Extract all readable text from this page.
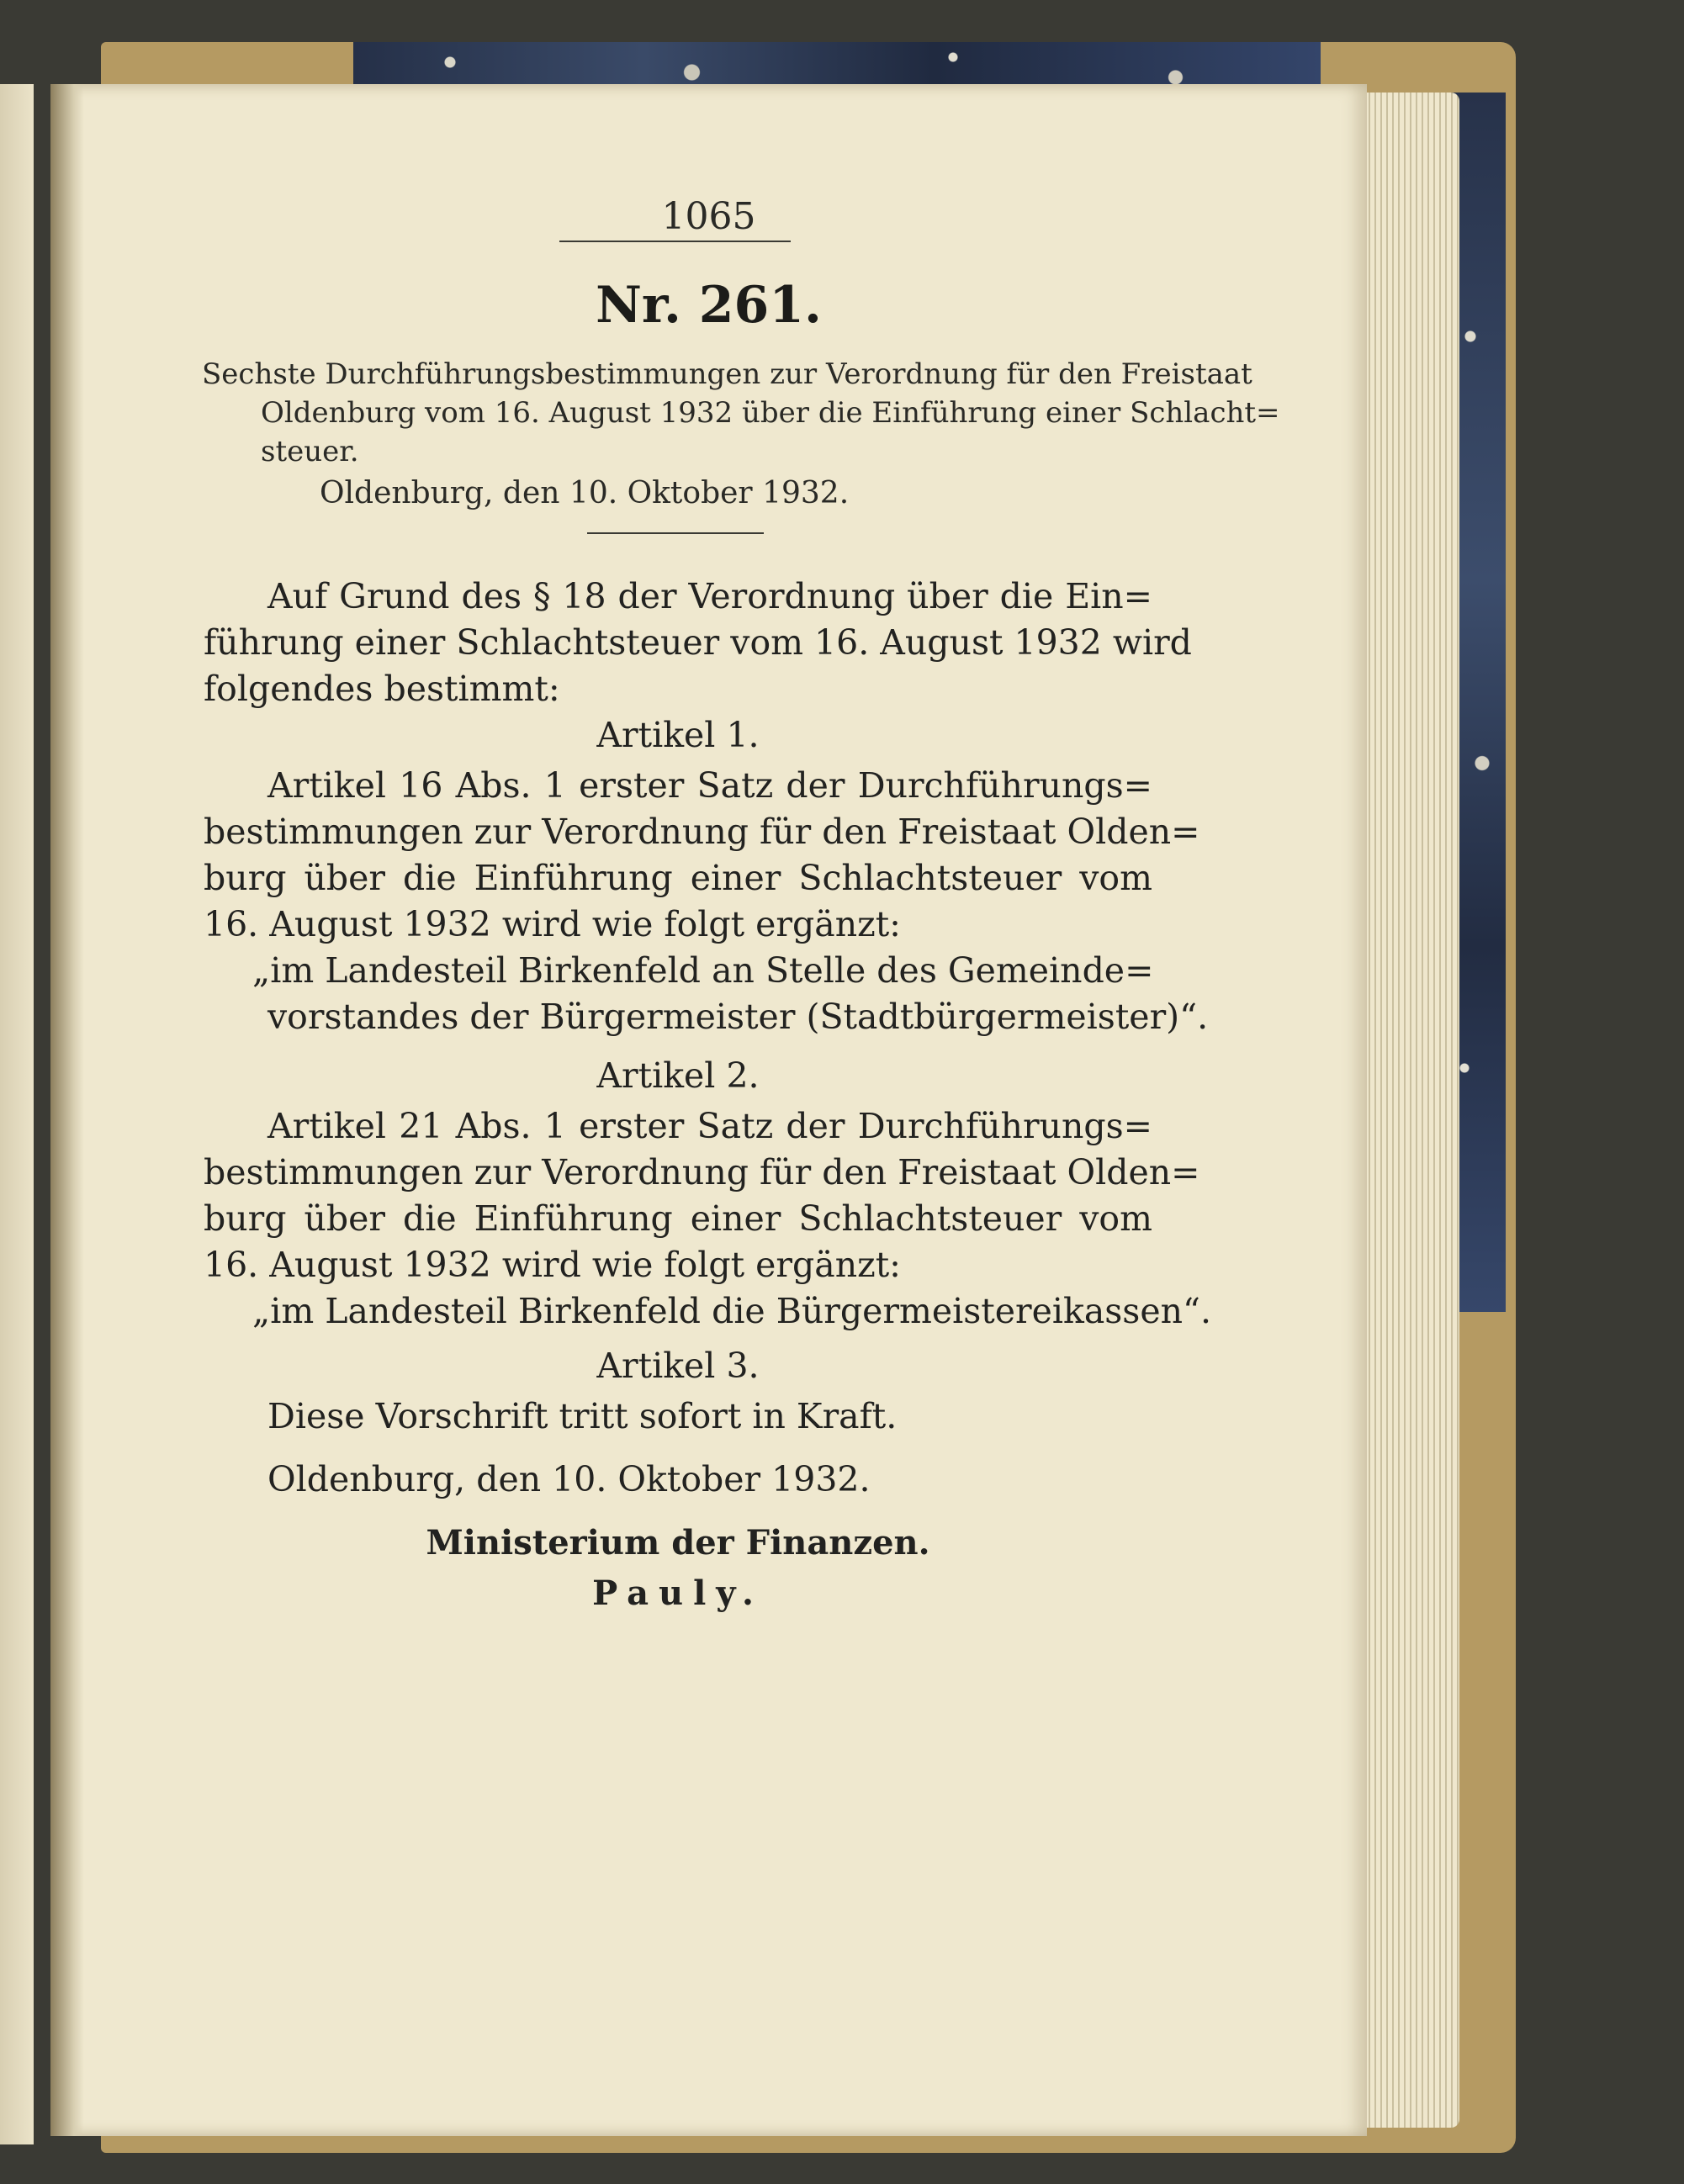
1065
Nr. 261.
Sechste Durchführungsbestimmungen zur Verordnung für den Freistaat
Oldenburg vom 16. August 1932 über die Einführung einer Schlacht=
steuer.
Oldenburg, den 10. Oktober 1932.
Auf Grund des § 18 der Verordnung über die Ein=
führung einer Schlachtsteuer vom 16. August 1932 wird
folgendes bestimmt:
Artikel 1.
Artikel 16 Abs. 1 erster Satz der Durchführungs=
bestimmungen zur Verordnung für den Freistaat Olden=
burg über die Einführung einer Schlachtsteuer vom
16. August 1932 wird wie folgt ergänzt:
„im Landesteil Birkenfeld an Stelle des Gemeinde=
vorstandes der Bürgermeister (Stadtbürgermeister)“.
Artikel 2.
Artikel 21 Abs. 1 erster Satz der Durchführungs=
bestimmungen zur Verordnung für den Freistaat Olden=
burg über die Einführung einer Schlachtsteuer vom
16. August 1932 wird wie folgt ergänzt:
„im Landesteil Birkenfeld die Bürgermeistereikassen“.
Artikel 3.
Diese Vorschrift tritt sofort in Kraft.
Oldenburg, den 10. Oktober 1932.
Ministerium der Finanzen.
Pauly.
